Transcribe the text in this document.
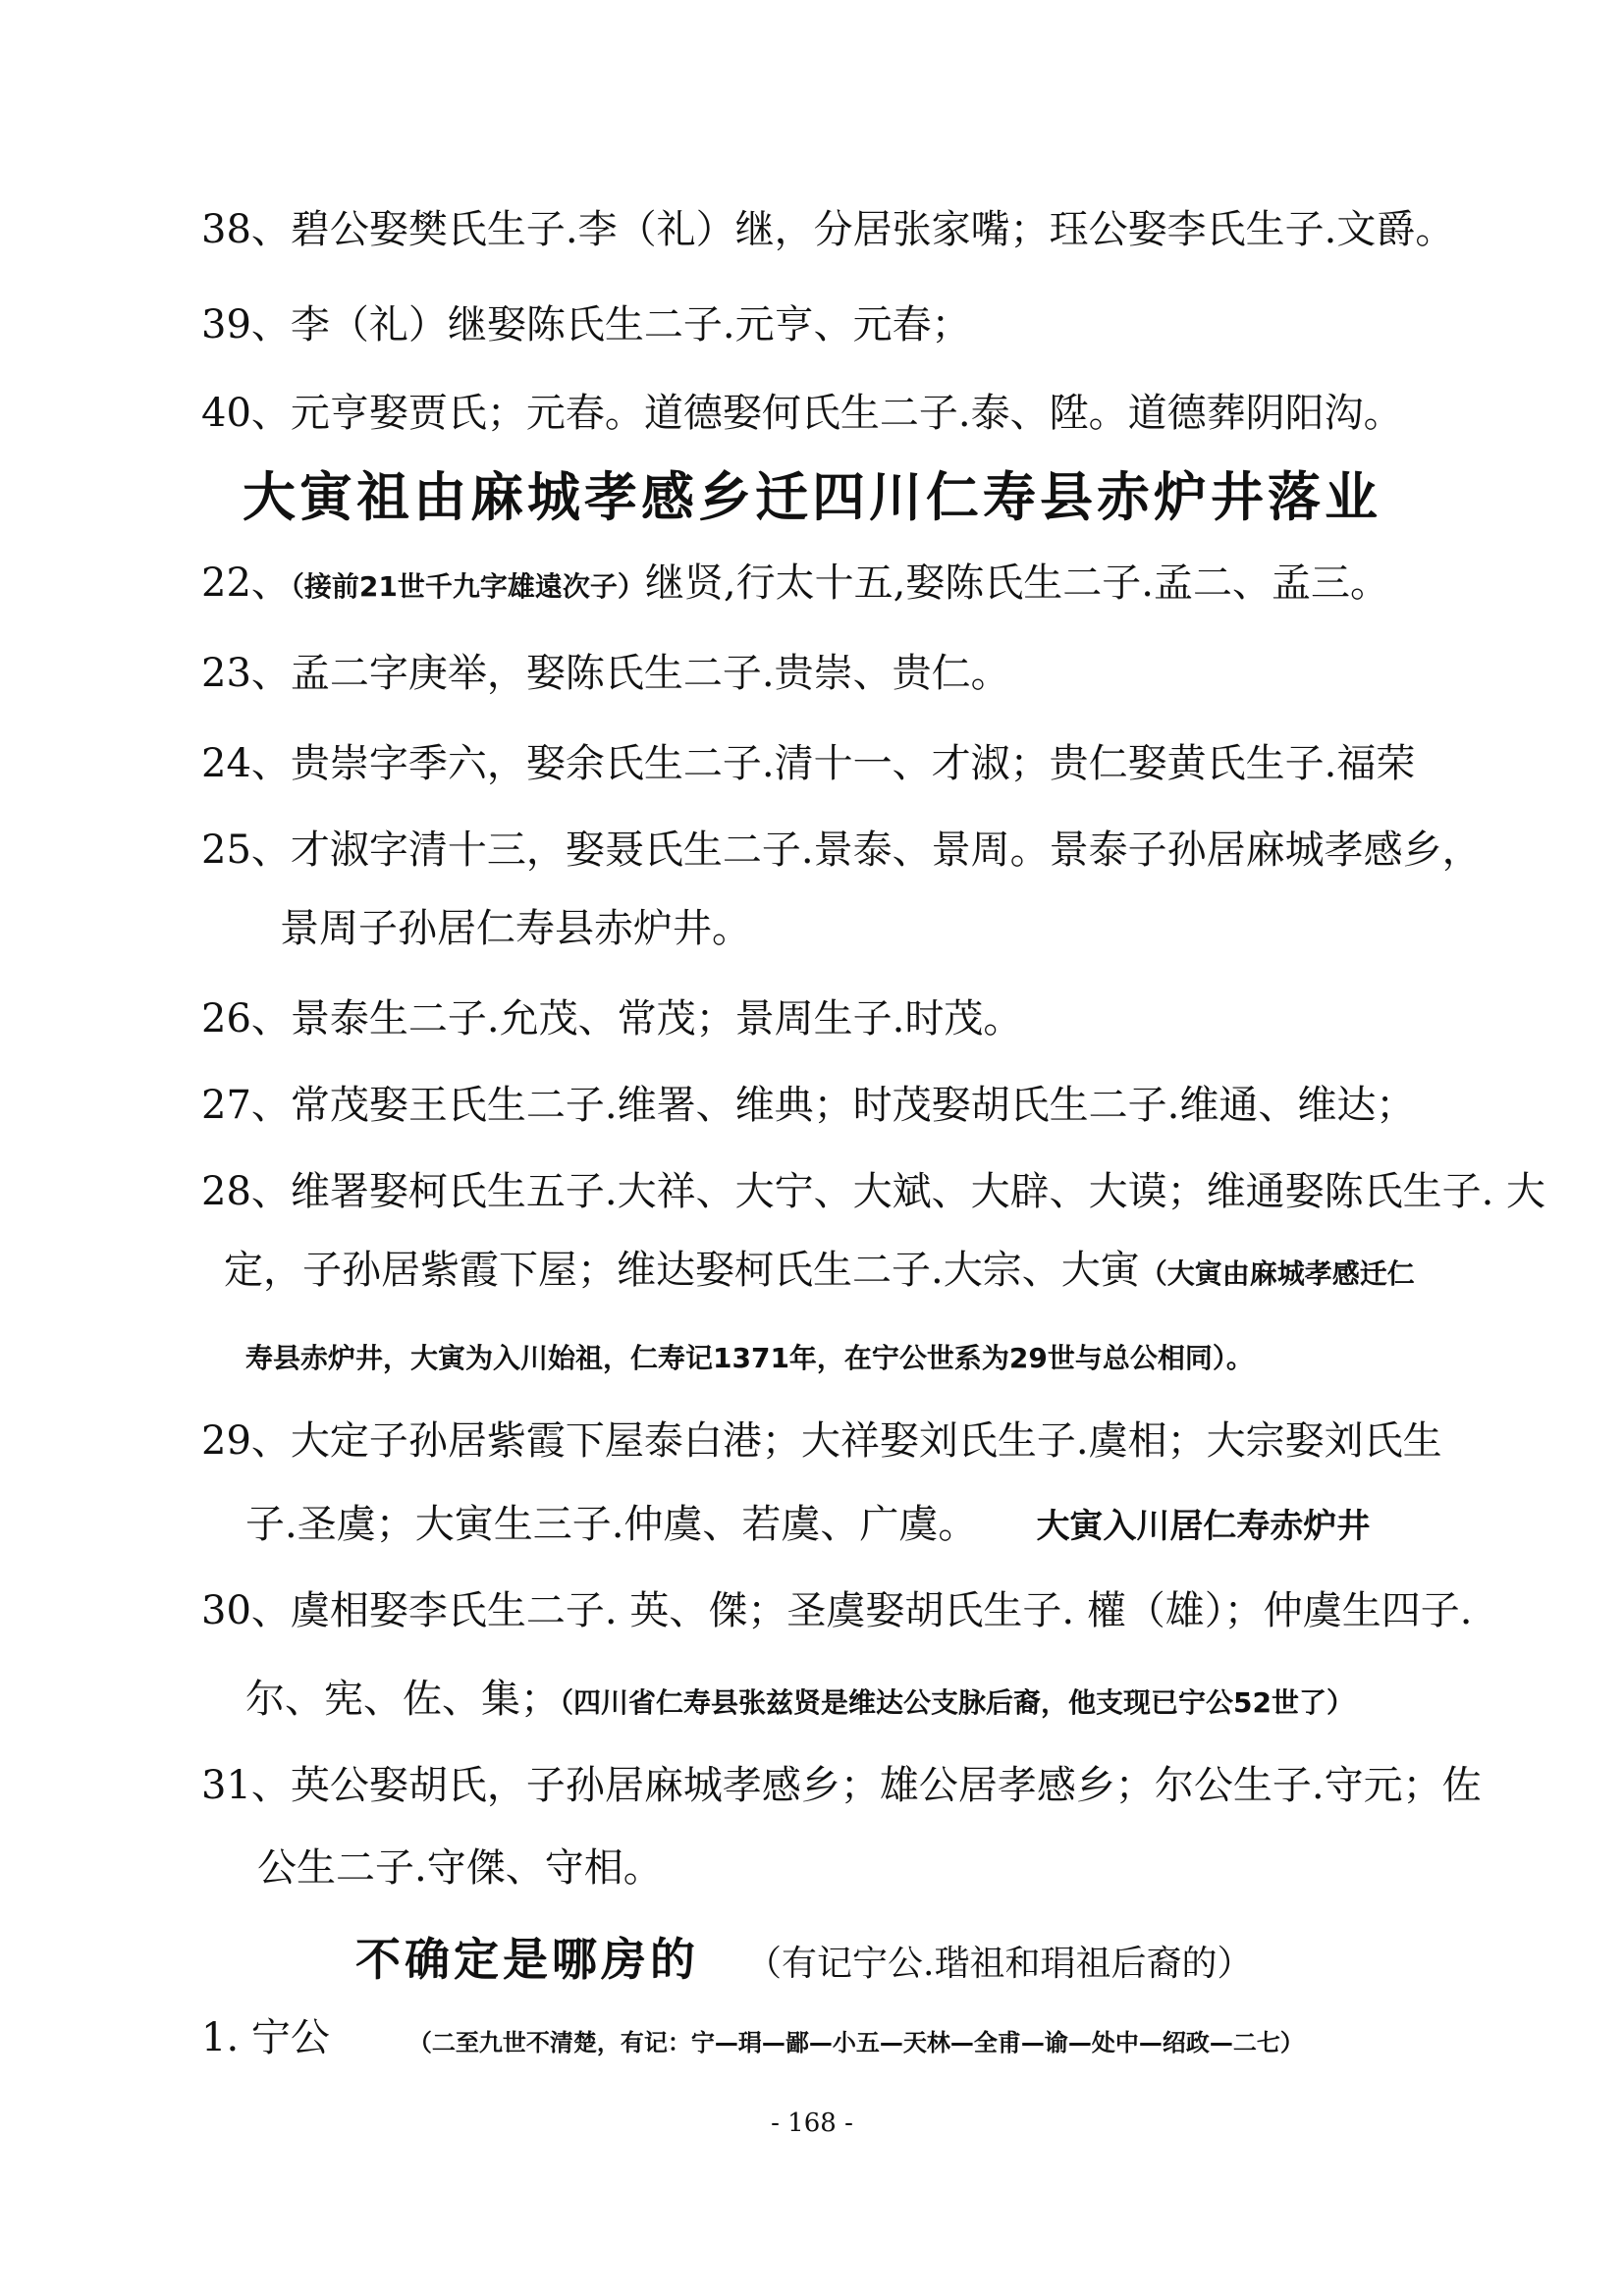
38、碧公娶樊氏生子.李（礼）继，分居张家嘴；珏公娶李氏生子.文爵。
39、李（礼）继娶陈氏生二子.元亨、元春；
40、元亨娶贾氏；元春。道德娶何氏生二子.泰、陞。道德葬阴阳沟。
大寅祖由麻城孝感乡迁四川仁寿县赤炉井落业
22、（接前21世千九字雄遠次子）继贤,行太十五,娶陈氏生二子.孟二、孟三。
23、孟二字庚举，娶陈氏生二子.贵崇、贵仁。
24、贵崇字季六，娶余氏生二子.清十一、才淑；贵仁娶黄氏生子.福荣
25、才淑字清十三，娶聂氏生二子.景泰、景周。景泰子孙居麻城孝感乡，
景周子孙居仁寿县赤炉井。
26、景泰生二子.允茂、常茂；景周生子.时茂。
27、常茂娶王氏生二子.维署、维典；时茂娶胡氏生二子.维通、维达；
28、维署娶柯氏生五子.大祥、大宁、大斌、大辟、大谟；维通娶陈氏生子. 大
定，子孙居紫霞下屋；维达娶柯氏生二子.大宗、大寅（大寅由麻城孝感迁仁
寿县赤炉井，大寅为入川始祖，仁寿记1371年，在宁公世系为29世与总公相同）。
29、大定子孙居紫霞下屋泰白港；大祥娶刘氏生子.虞相；大宗娶刘氏生
子.圣虞；大寅生三子.仲虞、若虞、广虞。 大寅入川居仁寿赤炉井
30、虞相娶李氏生二子. 英、傑；圣虞娶胡氏生子. 權（雄）；仲虞生四子.
尔、宪、佐、集；（四川省仁寿县张兹贤是维达公支脉后裔，他支现已宁公52世了）
31、英公娶胡氏，子孙居麻城孝感乡；雄公居孝感乡；尔公生子.守元；佐
公生二子.守傑、守相。
不确定是哪房的 （有记宁公.瑎祖和琄祖后裔的）
1. 宁公	（二至九世不清楚，有记：宁—琄—鄙—小五—天林—全甫—谕—处中—绍政—二七）
- 168 -
